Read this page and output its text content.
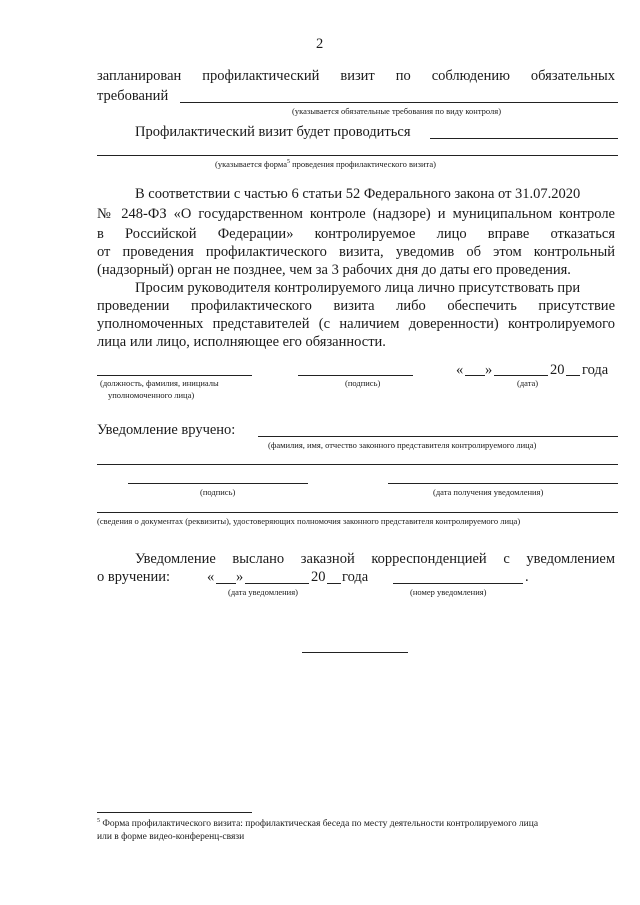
2
запланирован профилактический визит по соблюдению обязательных
требований
(указывается обязательные требования по виду контроля)
Профилактический визит будет проводиться
(указывается форма$^5$ проведения профилактического визита)
В соответствии с частью 6 статьи 52 Федерального закона от 31.07.2020
№ 248-ФЗ «О государственном контроле (надзоре) и муниципальном контроле
в Российской Федерации» контролируемое лицо вправе отказаться
от проведения профилактического визита, уведомив об этом контрольный
(надзорный) орган не позднее, чем за 3 рабочих дня до даты его проведения.
Просим руководителя контролируемого лица лично присутствовать при
проведении профилактического визита либо обеспечить присутствие
уполномоченных представителей (с наличием доверенности) контролируемого
лица или лицо, исполняющее его обязанности.
« »	20 года
(должность, фамилия, инициалы
уполномоченного лица)
(подпись)	(дата)
Уведомление вручено:
(фамилия, имя, отчество законного представителя контролируемого лица)
(подпись)	(дата получения уведомления)
(сведения о документах (реквизиты), удостоверяющих полномочия законного представителя контролируемого лица)
Уведомление выслано заказной корреспонденцией с уведомлением
о вручении:	« »	20 года	.
(дата уведомления)	(номер уведомления)
$^5$ Форма профилактического визита: профилактическая беседа по месту деятельности контролируемого лица
или в форме видео-конференц-связи
